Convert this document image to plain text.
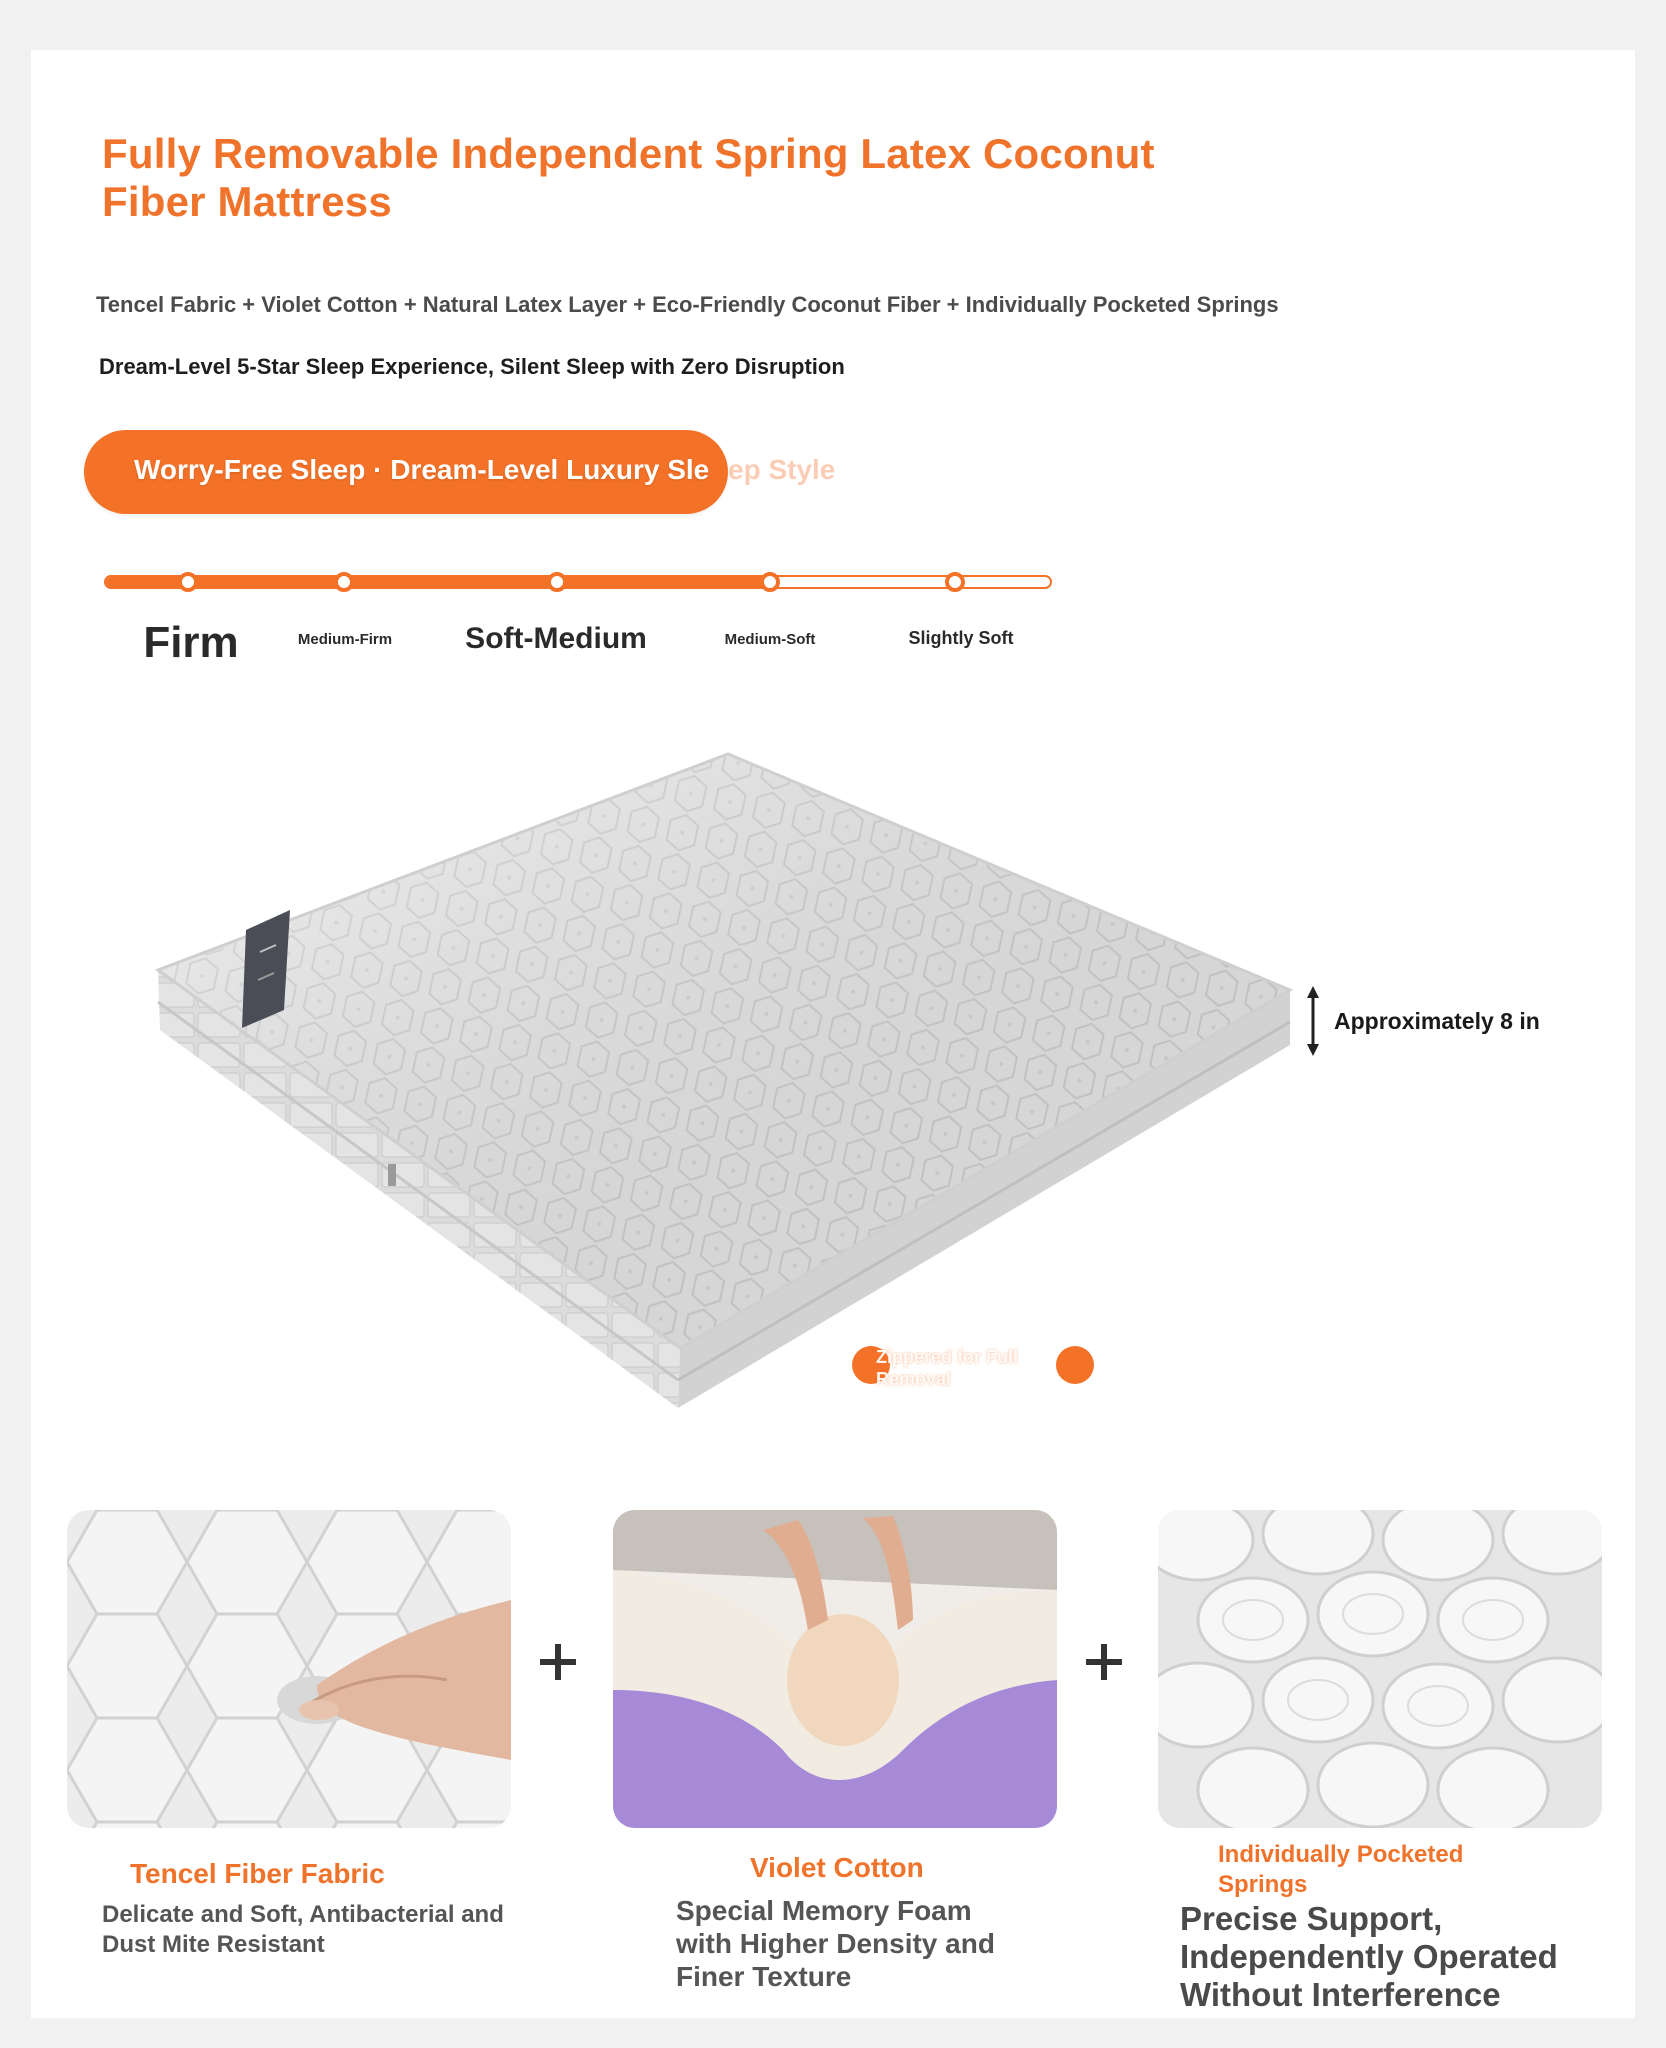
Fully Removable Independent Spring Latex Coconut Fiber Mattress
Tencel Fabric + Violet Cotton + Natural Latex Layer + Eco-Friendly Coconut Fiber + Individually Pocketed Springs
Dream-Level 5-Star Sleep Experience, Silent Sleep with Zero Disruption
Worry-Free Sleep · Dream-Level Luxury Sle ep Style
Firm	Medium-Firm Soft-Medium	Medium-Soft	Slightly Soft
Approximately 8 in
Zippered for Full Removal
Tencel Fiber Fabric
Delicate and Soft, Antibacterial and Dust Mite Resistant
Violet Cotton
Special Memory Foam with Higher Density and Finer Texture
Individually Pocketed Springs
Precise Support, Independently Operated Without Interference
